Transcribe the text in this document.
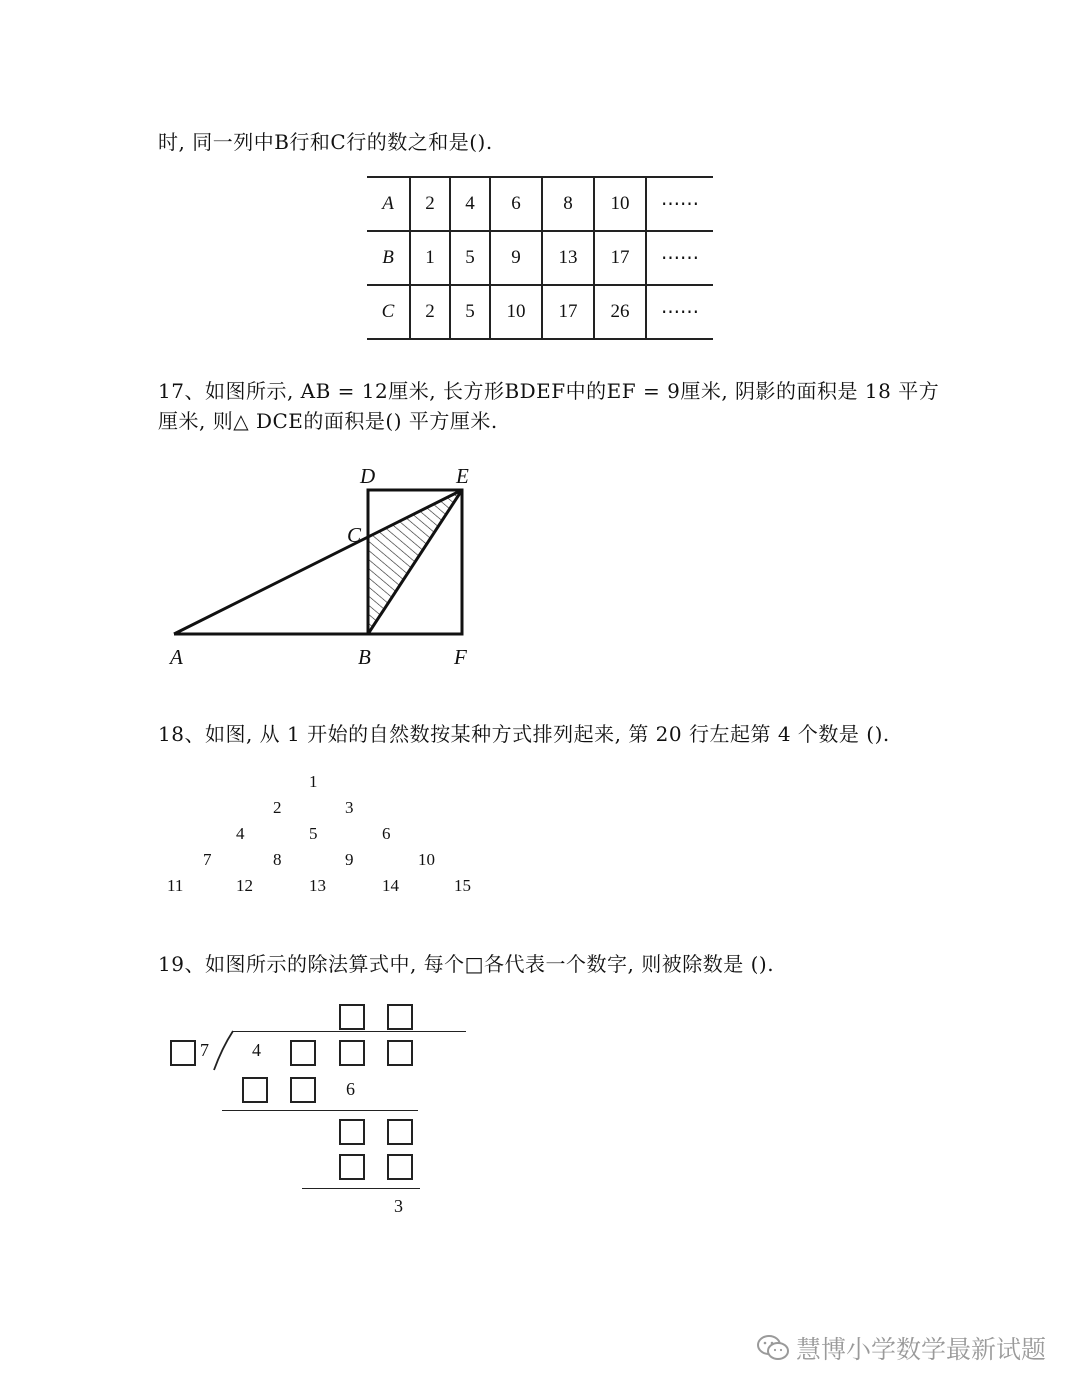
时, 同一列中B行和C行的数之和是().
A	2	4	6	8	10	⋯⋯
B	1	5	9	13	17	⋯⋯
C	2	5	10	17	26	⋯⋯
17、如图所示, AB = 12厘米, 长方形BDEF中的EF = 9厘米, 阴影的面积是 18 平方
厘米, 则△ DCE的面积是() 平方厘米.
D	E
C
A	B	F
18、如图, 从 1 开始的自然数按某种方式排列起来, 第 20 行左起第 4 个数是 ().
1
2	3
4	5	6
7	8	9	10
11	12	13	14	15
19、如图所示的除法算式中, 每个□各代表一个数字, 则被除数是 ().
7 4
6
3
慧博小学数学最新试题
